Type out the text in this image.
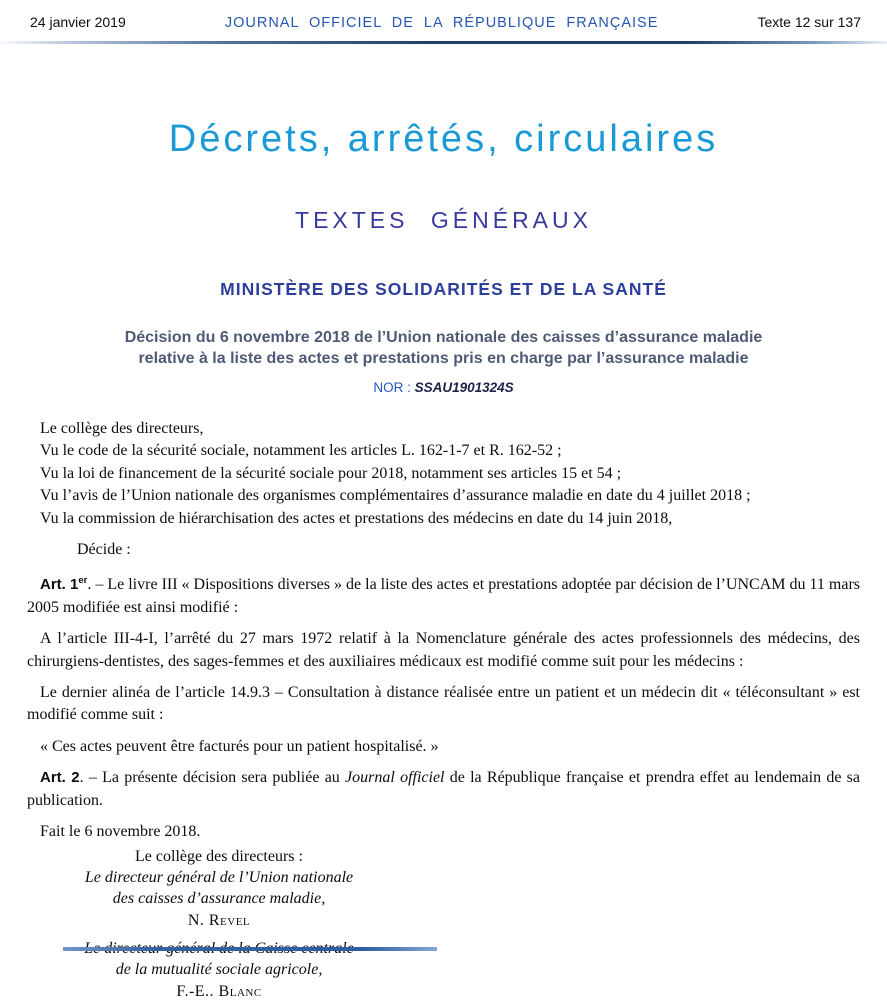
24 janvier 2019	JOURNAL OFFICIEL DE LA RÉPUBLIQUE FRANÇAISE	Texte 12 sur 137
Décrets, arrêtés, circulaires
TEXTES GÉNÉRAUX
MINISTÈRE DES SOLIDARITÉS ET DE LA SANTÉ
Décision du 6 novembre 2018 de l’Union nationale des caisses d’assurance maladie
relative à la liste des actes et prestations pris en charge par l’assurance maladie
NOR : SSAU1901324S

Le collège des directeurs,

Vu le code de la sécurité sociale, notamment les articles L. 162-1-7 et R. 162-52 ;

Vu la loi de financement de la sécurité sociale pour 2018, notamment ses articles 15 et 54 ;

Vu l’avis de l’Union nationale des organismes complémentaires d’assurance maladie en date du 4 juillet 2018 ;

Vu la commission de hiérarchisation des actes et prestations des médecins en date du 14 juin 2018,

Décide :

Art. 1er. – Le livre III « Dispositions diverses » de la liste des actes et prestations adoptée par décision de l’UNCAM du 11 mars 2005 modifiée est ainsi modifié :

A l’article III-4-I, l’arrêté du 27 mars 1972 relatif à la Nomenclature générale des actes professionnels des médecins, des chirurgiens-dentistes, des sages-femmes et des auxiliaires médicaux est modifié comme suit pour les médecins :

Le dernier alinéa de l’article 14.9.3 – Consultation à distance réalisée entre un patient et un médecin dit « téléconsultant » est modifié comme suit :

« Ces actes peuvent être facturés pour un patient hospitalisé. »

Art. 2. – La présente décision sera publiée au Journal officiel de la République française et prendra effet au lendemain de sa publication.

Fait le 6 novembre 2018.

Le collège des directeurs :

Le directeur général de l’Union nationale

des caisses d’assurance maladie,

N. Revel

de la mutualité sociale agricole,

F.-E.. Blanc
